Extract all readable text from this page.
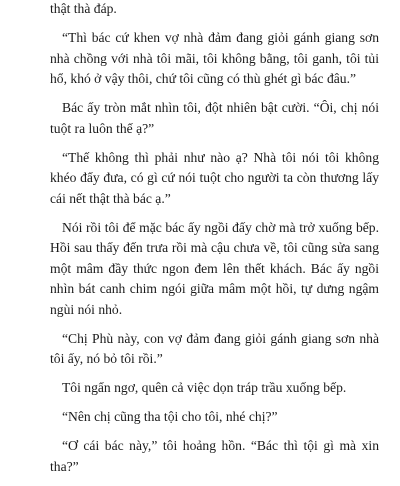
thật thà đáp.

“Thì bác cứ khen vợ nhà đảm đang giỏi gánh giang sơn nhà chồng với nhà tôi mãi, tôi không bằng, tôi ganh, tôi tủi hổ, khó ở vậy thôi, chứ tôi cũng có thù ghét gì bác đâu.”

Bác ấy tròn mắt nhìn tôi, đột nhiên bật cười. “Ôi, chị nói tuột ra luôn thế ạ?”

“Thế không thì phải như nào ạ? Nhà tôi nói tôi không khéo đẩy đưa, có gì cứ nói tuột cho người ta còn thương lấy cái nết thật thà bác ạ.”

Nói rồi tôi để mặc bác ấy ngồi đấy chờ mà trở xuống bếp. Hồi sau thấy đến trưa rồi mà cậu chưa về, tôi cũng sửa sang một mâm đầy thức ngon đem lên thết khách. Bác ấy ngồi nhìn bát canh chim ngói giữa mâm một hồi, tự dưng ngậm ngùi nói nhỏ.

“Chị Phù này, con vợ đảm đang giỏi gánh giang sơn nhà tôi ấy, nó bỏ tôi rồi.”

Tôi ngẩn ngơ, quên cả việc dọn tráp trầu xuống bếp.

“Nên chị cũng tha tội cho tôi, nhé chị?”

“Ơ cái bác này,” tôi hoảng hồn. “Bác thì tội gì mà xin tha?”
